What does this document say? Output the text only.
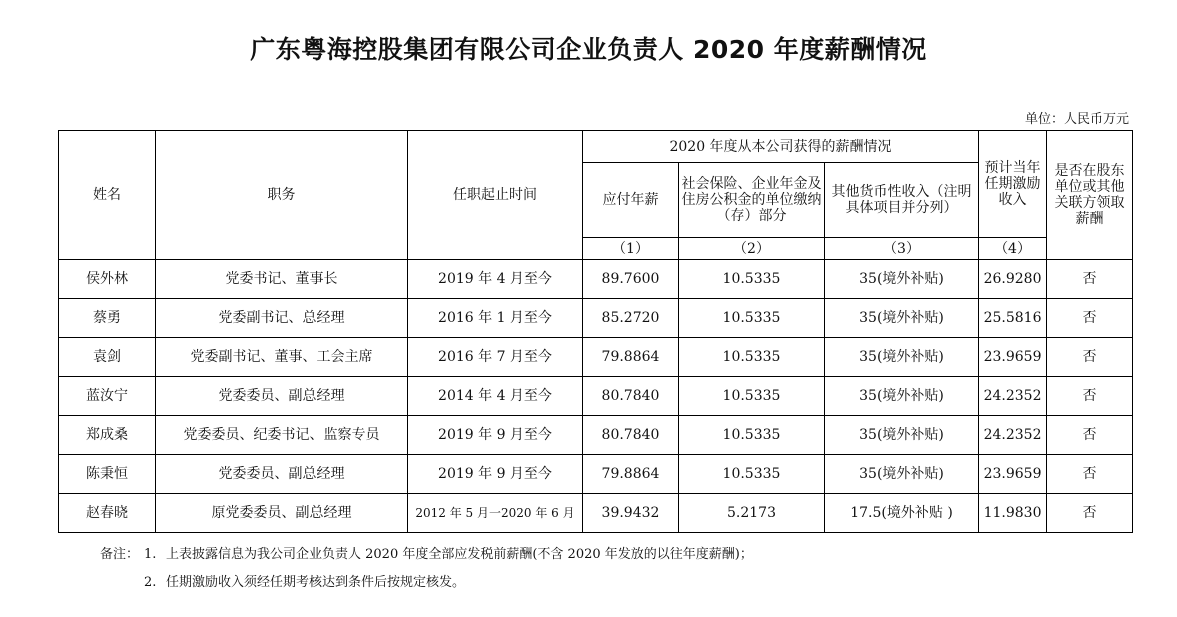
广东粤海控股集团有限公司企业负责人 2020 年度薪酬情况
单位：人民币万元
姓名	职务	任职起止时间	2020 年度从本公司获得的薪酬情况			预计当年任期激励收入	是否在股东单位或其他关联方领取薪酬
			应付年薪	社会保险、企业年金及住房公积金的单位缴纳（存）部分	其他货币性收入（注明具体项目并分列）		
			（1）	（2）	（3）	（4）	
侯外林	党委书记、董事长	2019 年 4 月至今	89.7600	10.5335	35(境外补贴)	26.9280	否
蔡勇	党委副书记、总经理	2016 年 1 月至今	85.2720	10.5335	35(境外补贴)	25.5816	否
袁剑	党委副书记、董事、工会主席	2016 年 7 月至今	79.8864	10.5335	35(境外补贴)	23.9659	否
蓝汝宁	党委委员、副总经理	2014 年 4 月至今	80.7840	10.5335	35(境外补贴)	24.2352	否
郑成桑	党委委员、纪委书记、监察专员	2019 年 9 月至今	80.7840	10.5335	35(境外补贴)	24.2352	否
陈秉恒	党委委员、副总经理	2019 年 9 月至今	79.8864	10.5335	35(境外补贴)	23.9659	否
赵春晓	原党委委员、副总经理	2012 年 5 月一2020 年 6 月	39.9432	5.2173	17.5(境外补贴 )	11.9830	否
备注： 1. 上表披露信息为我公司企业负责人 2020 年度全部应发税前薪酬(不含 2020 年发放的以往年度薪酬)；
2. 任期激励收入须经任期考核达到条件后按规定核发。
